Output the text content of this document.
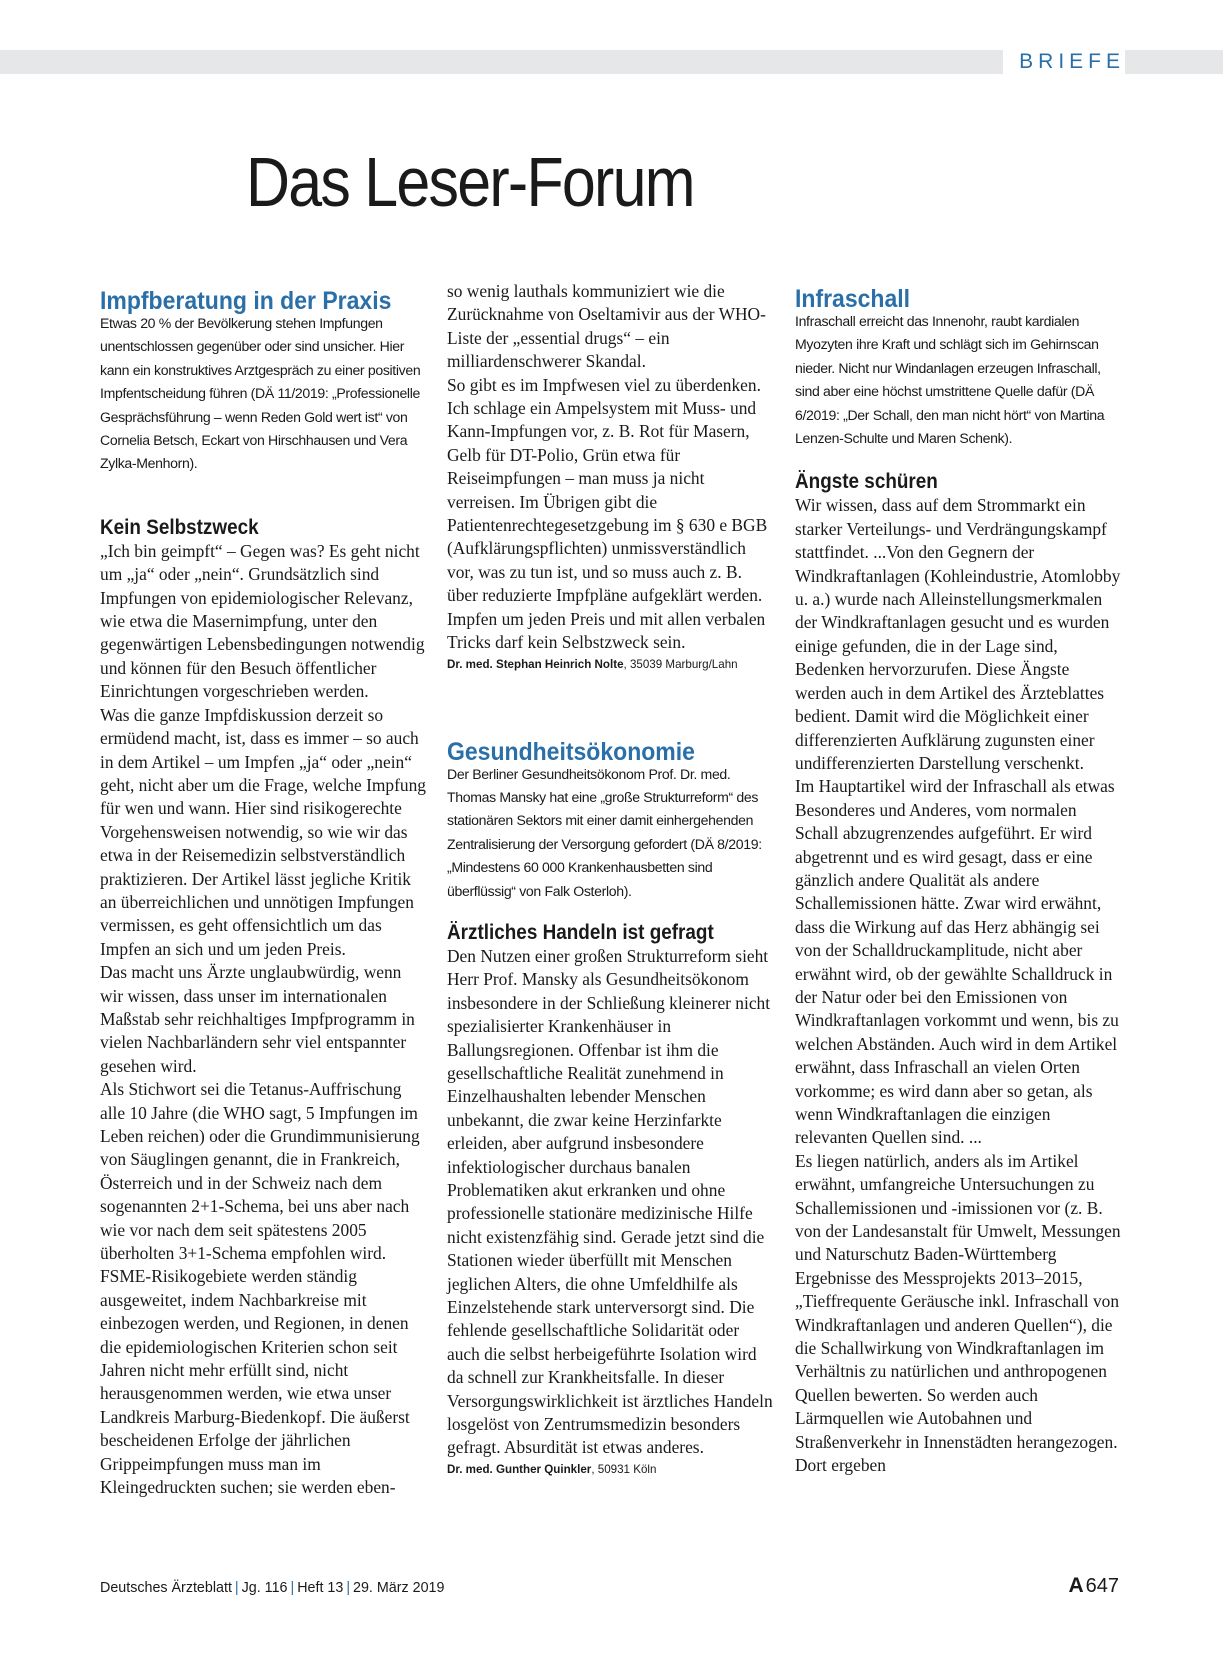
BRIEFE
Das Leser-Forum
Impfberatung in der Praxis

Etwas 20 % der Bevölkerung stehen Impfungen unentschlossen gegenüber oder sind unsicher. Hier kann ein konstruktives Arztgespräch zu einer positiven Impfentscheidung führen (DÄ 11/2019: „Professionelle Gesprächsführung – wenn Reden Gold wert ist“ von Cornelia Betsch, Eckart von Hirschhausen und Vera Zylka-Menhorn).

Kein Selbstzweck

„Ich bin geimpft“ – Gegen was? Es geht nicht um „ja“ oder „nein“. Grundsätzlich sind Impfungen von epidemiologischer Relevanz, wie etwa die Masernimpfung, unter den gegenwärtigen Lebensbedingungen notwendig und können für den Besuch öffentlicher Einrichtungen vorgeschrieben werden.

Was die ganze Impfdiskussion derzeit so ermüdend macht, ist, dass es immer – so auch in dem Artikel – um Impfen „ja“ oder „nein“ geht, nicht aber um die Frage, welche Impfung für wen und wann. Hier sind risikogerechte Vorgehensweisen notwendig, so wie wir das etwa in der Reisemedizin selbstverständlich praktizieren. Der Artikel lässt jegliche Kritik an überreichlichen und unnötigen Impfungen vermissen, es geht offensichtlich um das Impfen an sich und um jeden Preis.

Das macht uns Ärzte unglaubwürdig, wenn wir wissen, dass unser im internationalen Maßstab sehr reichhaltiges Impfprogramm in vielen Nachbarländern sehr viel entspannter gesehen wird.

Als Stichwort sei die Tetanus-Auffrischung alle 10 Jahre (die WHO sagt, 5 Impfungen im Leben reichen) oder die Grundimmunisierung von Säuglingen genannt, die in Frankreich, Österreich und in der Schweiz nach dem sogenannten 2+1-Schema, bei uns aber nach wie vor nach dem seit spätestens 2005 überholten 3+1-Schema empfohlen wird. FSME-Risikogebiete werden ständig ausgeweitet, indem Nachbarkreise mit einbezogen werden, und Regionen, in denen die epidemiologischen Kriterien schon seit Jahren nicht mehr erfüllt sind, nicht herausgenommen werden, wie etwa unser Landkreis Marburg-Biedenkopf. Die äußerst bescheidenen Erfolge der jährlichen Grippeimpfungen muss man im Kleingedruckten suchen; sie werden eben-

so wenig lauthals kommuniziert wie die Zurücknahme von Oseltamivir aus der WHO-Liste der „essential drugs“ – ein milliardenschwerer Skandal.

So gibt es im Impfwesen viel zu überdenken. Ich schlage ein Ampelsystem mit Muss- und Kann-Impfungen vor, z. B. Rot für Masern, Gelb für DT-Polio, Grün etwa für Reiseimpfungen – man muss ja nicht verreisen. Im Übrigen gibt die Patientenrechtegesetzgebung im § 630 e BGB (Aufklärungspflichten) unmissverständlich vor, was zu tun ist, und so muss auch z. B. über reduzierte Impfpläne aufgeklärt werden. Impfen um jeden Preis und mit allen verbalen Tricks darf kein Selbstzweck sein.

Dr. med. Stephan Heinrich Nolte, 35039 Marburg/Lahn

Gesundheitsökonomie

Der Berliner Gesundheitsökonom Prof. Dr. med. Thomas Mansky hat eine „große Strukturreform“ des stationären Sektors mit einer damit einhergehenden Zentralisierung der Versorgung gefordert (DÄ 8/2019: „Mindestens 60 000 Krankenhausbetten sind überflüssig“ von Falk Osterloh).

Ärztliches Handeln ist gefragt

Den Nutzen einer großen Strukturreform sieht Herr Prof. Mansky als Gesundheitsökonom insbesondere in der Schließung kleinerer nicht spezialisierter Krankenhäuser in Ballungsregionen. Offenbar ist ihm die gesellschaftliche Realität zunehmend in Einzelhaushalten lebender Menschen unbekannt, die zwar keine Herzinfarkte erleiden, aber aufgrund insbesondere infektiologischer durchaus banalen Problematiken akut erkranken und ohne professionelle stationäre medizinische Hilfe nicht existenzfähig sind. Gerade jetzt sind die Stationen wieder überfüllt mit Menschen jeglichen Alters, die ohne Umfeldhilfe als Einzelstehende stark unterversorgt sind. Die fehlende gesellschaftliche Solidarität oder auch die selbst herbeigeführte Isolation wird da schnell zur Krankheitsfalle. In dieser Versorgungswirklichkeit ist ärztliches Handeln losgelöst von Zentrumsmedizin besonders gefragt. Absurdität ist etwas anderes.

Dr. med. Gunther Quinkler, 50931 Köln

Infraschall

Infraschall erreicht das Innenohr, raubt kardialen Myozyten ihre Kraft und schlägt sich im Gehirnscan nieder. Nicht nur Windanlagen erzeugen Infraschall, sind aber eine höchst umstrittene Quelle dafür (DÄ 6/2019: „Der Schall, den man nicht hört“ von Martina Lenzen-Schulte und Maren Schenk).

Ängste schüren

Wir wissen, dass auf dem Strommarkt ein starker Verteilungs- und Verdrängungskampf stattfindet. ...Von den Gegnern der Windkraftanlagen (Kohleindustrie, Atomlobby u. a.) wurde nach Alleinstellungsmerkmalen der Windkraftanlagen gesucht und es wurden einige gefunden, die in der Lage sind, Bedenken hervorzurufen. Diese Ängste werden auch in dem Artikel des Ärzteblattes bedient. Damit wird die Möglichkeit einer differenzierten Aufklärung zugunsten einer undifferenzierten Darstellung verschenkt.

Im Hauptartikel wird der Infraschall als etwas Besonderes und Anderes, vom normalen Schall abzugrenzendes aufgeführt. Er wird abgetrennt und es wird gesagt, dass er eine gänzlich andere Qualität als andere Schallemissionen hätte. Zwar wird erwähnt, dass die Wirkung auf das Herz abhängig sei von der Schalldruckamplitude, nicht aber erwähnt wird, ob der gewählte Schalldruck in der Natur oder bei den Emissionen von Windkraftanlagen vorkommt und wenn, bis zu welchen Abständen. Auch wird in dem Artikel erwähnt, dass Infraschall an vielen Orten vorkomme; es wird dann aber so getan, als wenn Windkraftanlagen die einzigen relevanten Quellen sind. ...

Es liegen natürlich, anders als im Artikel erwähnt, umfangreiche Untersuchungen zu Schallemissionen und -imissionen vor (z. B. von der Landesanstalt für Umwelt, Messungen und Naturschutz Baden-Württemberg Ergebnisse des Messprojekts 2013–2015, „Tieffrequente Geräusche inkl. Infraschall von Windkraftanlagen und anderen Quellen“), die die Schallwirkung von Windkraftanlagen im Verhältnis zu natürlichen und anthropogenen Quellen bewerten. So werden auch Lärmquellen wie Autobahnen und Straßenverkehr in Innenstädten herangezogen. Dort ergeben

Deutsches Ärzteblatt | Jg. 116 | Heft 13 | 29. März 2019	A 647
